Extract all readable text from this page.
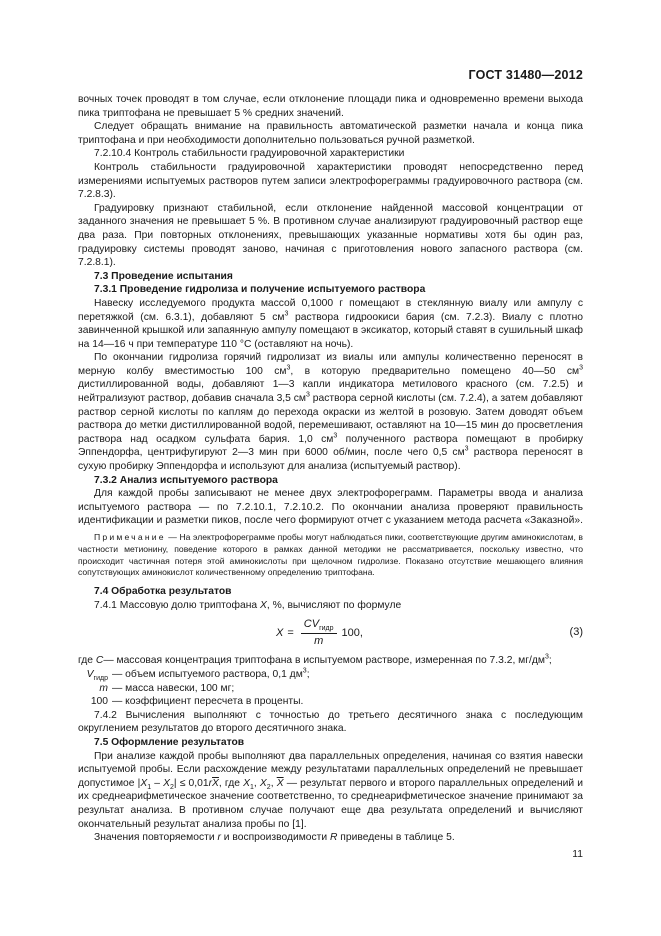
ГОСТ 31480—2012

вочных точек проводят в том случае, если отклонение площади пика и одновременно времени выхода пика триптофана не превышает 5 % средних значений.

Следует обращать внимание на правильность автоматической разметки начала и конца пика триптофана и при необходимости дополнительно пользоваться ручной разметкой.

7.2.10.4 Контроль стабильности градуировочной характеристики

Контроль стабильности градуировочной характеристики проводят непосредственно перед измерениями испытуемых растворов путем записи электрофореграммы градуировочного раствора (см. 7.2.8.3).

Градуировку признают стабильной, если отклонение найденной массовой концентрации от заданного значения не превышает 5 %. В противном случае анализируют градуировочный раствор еще два раза. При повторных отклонениях, превышающих указанные нормативы хотя бы один раз, градуировку системы проводят заново, начиная с приготовления нового запасного раствора (см. 7.2.8.1).

7.3 Проведение испытания

7.3.1 Проведение гидролиза и получение испытуемого раствора

Навеску исследуемого продукта массой 0,1000 г помещают в стеклянную виалу или ампулу с перетяжкой (см. 6.3.1), добавляют 5 $см^3$ раствора гидроокиси бария (см. 7.2.3). Виалу с плотно завинченной крышкой или запаянную ампулу помещают в эксикатор, который ставят в сушильный шкаф на 14—16 ч при температуре 110 °С (оставляют на ночь).

По окончании гидролиза горячий гидролизат из виалы или ампулы количественно переносят в мерную колбу вместимостью 100 $см^3$, в которую предварительно помещено 40—50 $см^3$ дистиллированной воды, добавляют 1—3 капли индикатора метилового красного (см. 7.2.5) и нейтрализуют раствор, добавив сначала 3,5 $см^3$ раствора серной кислоты (см. 7.2.4), а затем добавляют раствор серной кислоты по каплям до перехода окраски из желтой в розовую. Затем доводят объем раствора до метки дистиллированной водой, перемешивают, оставляют на 10—15 мин до просветления раствора над осадком сульфата бария. 1,0 $см^3$ полученного раствора помещают в пробирку Эппендорфа, центрифугируют 2—3 мин при 6000 об/мин, после чего 0,5 $см^3$ раствора переносят в сухую пробирку Эппендорфа и используют для анализа (испытуемый раствор).

7.3.2 Анализ испытуемого раствора

Для каждой пробы записывают не менее двух электрофореграмм. Параметры ввода и анализа испытуемого раствора — по 7.2.10.1, 7.2.10.2. По окончании анализа проверяют правильность идентификации и разметки пиков, после чего формируют отчет с указанием метода расчета «Заказной».

Примечание — На электрофореграмме пробы могут наблюдаться пики, соответствующие другим аминокислотам, в частности метионину, поведение которого в рамках данной методики не рассматривается, поскольку известно, что происходит частичная потеря этой аминокислоты при щелочном гидролизе. Показано отсутствие мешающего влияния сопутствующих аминокислот количественному определению триптофана.

7.4 Обработка результатов

7.4.1 Массовую долю триптофана X, %, вычисляют по формуле

$X = \frac{CV_{гидр}}{m} 100$,	(3)
где C — массовая концентрация триптофана в испытуемом растворе, измеренная по 7.3.2, $мг/дм^3$;
$V_{гидр}$ — объем испытуемого раствора, 0,1 $дм^3$;
m — масса навески, 100 мг;
100 — коэффициент пересчета в проценты.

7.4.2 Вычисления выполняют с точностью до третьего десятичного знака с последующим округлением результатов до второго десятичного знака.

7.5 Оформление результатов

При анализе каждой пробы выполняют два параллельных определения, начиная со взятия навески испытуемой пробы. Если расхождение между результатами параллельных определений не превышает допустимое $|X_1 - X_2| \le 0,01r\overline{X}$, где $X_1$, $X_2$, $\overline{X}$ — результат первого и второго параллельных определений и их среднеарифметическое значение соответственно, то среднеарифметическое значение принимают за результат анализа. В противном случае получают еще два результата определений и вычисляют окончательный результат анализа пробы по [1].

Значения повторяемости r и воспроизводимости R приведены в таблице 5.

11
